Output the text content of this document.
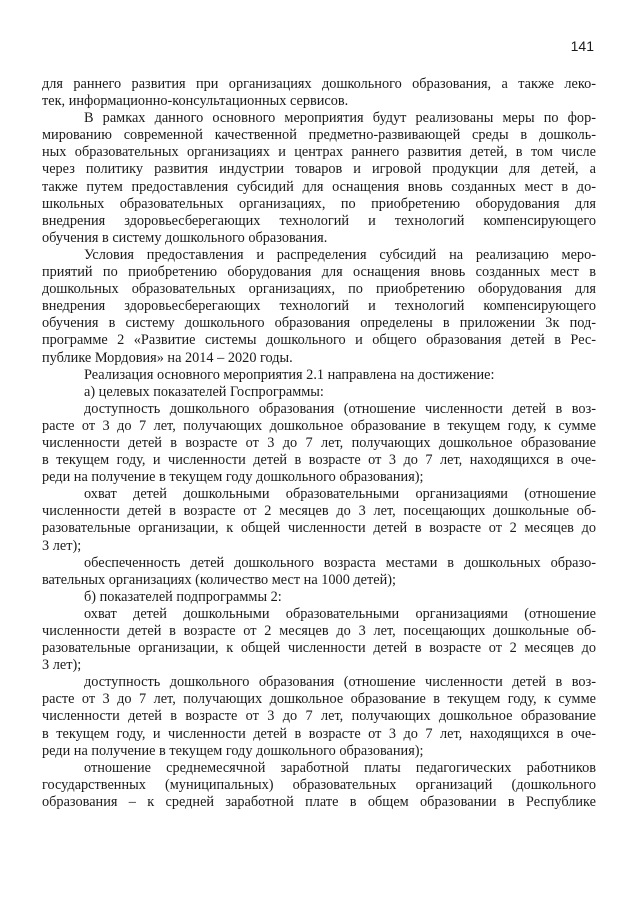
141
для раннего развития при организациях дошкольного образования, а также леко-
тек, информационно-консультационных сервисов.
В рамках данного основного мероприятия будут реализованы меры по фор-
мированию современной качественной предметно-развивающей среды в дошколь-
ных образовательных организациях и центрах раннего развития детей, в том числе
через политику развития индустрии товаров и игровой продукции для детей, а
также путем предоставления субсидий для оснащения вновь созданных мест в до-
школьных образовательных организациях, по приобретению оборудования для
внедрения здоровьесберегающих технологий и технологий компенсирующего
обучения в систему дошкольного образования.
Условия предоставления и распределения субсидий на реализацию меро-
приятий по приобретению оборудования для оснащения вновь созданных мест в
дошкольных образовательных организациях, по приобретению оборудования для
внедрения здоровьесберегающих технологий и технологий компенсирующего
обучения в систему дошкольного образования определены в приложении 3к под-
программе 2 «Развитие системы дошкольного и общего образования детей в Рес-
публике Мордовия» на 2014 – 2020 годы.
Реализация основного мероприятия 2.1 направлена на достижение:
а) целевых показателей Госпрограммы:
доступность дошкольного образования (отношение численности детей в воз-
расте от 3 до 7 лет, получающих дошкольное образование в текущем году, к сумме
численности детей в возрасте от 3 до 7 лет, получающих дошкольное образование
в текущем году, и численности детей в возрасте от 3 до 7 лет, находящихся в оче-
реди на получение в текущем году дошкольного образования);
охват детей дошкольными образовательными организациями (отношение
численности детей в возрасте от 2 месяцев до 3 лет, посещающих дошкольные об-
разовательные организации, к общей численности детей в возрасте от 2 месяцев до
3 лет);
обеспеченность детей дошкольного возраста местами в дошкольных образо-
вательных организациях (количество мест на 1000 детей);
б) показателей подпрограммы 2:
охват детей дошкольными образовательными организациями (отношение
численности детей в возрасте от 2 месяцев до 3 лет, посещающих дошкольные об-
разовательные организации, к общей численности детей в возрасте от 2 месяцев до
3 лет);
доступность дошкольного образования (отношение численности детей в воз-
расте от 3 до 7 лет, получающих дошкольное образование в текущем году, к сумме
численности детей в возрасте от 3 до 7 лет, получающих дошкольное образование
в текущем году, и численности детей в возрасте от 3 до 7 лет, находящихся в оче-
реди на получение в текущем году дошкольного образования);
отношение среднемесячной заработной платы педагогических работников
государственных (муниципальных) образовательных организаций (дошкольного
образования – к средней заработной плате в общем образовании в Республике
